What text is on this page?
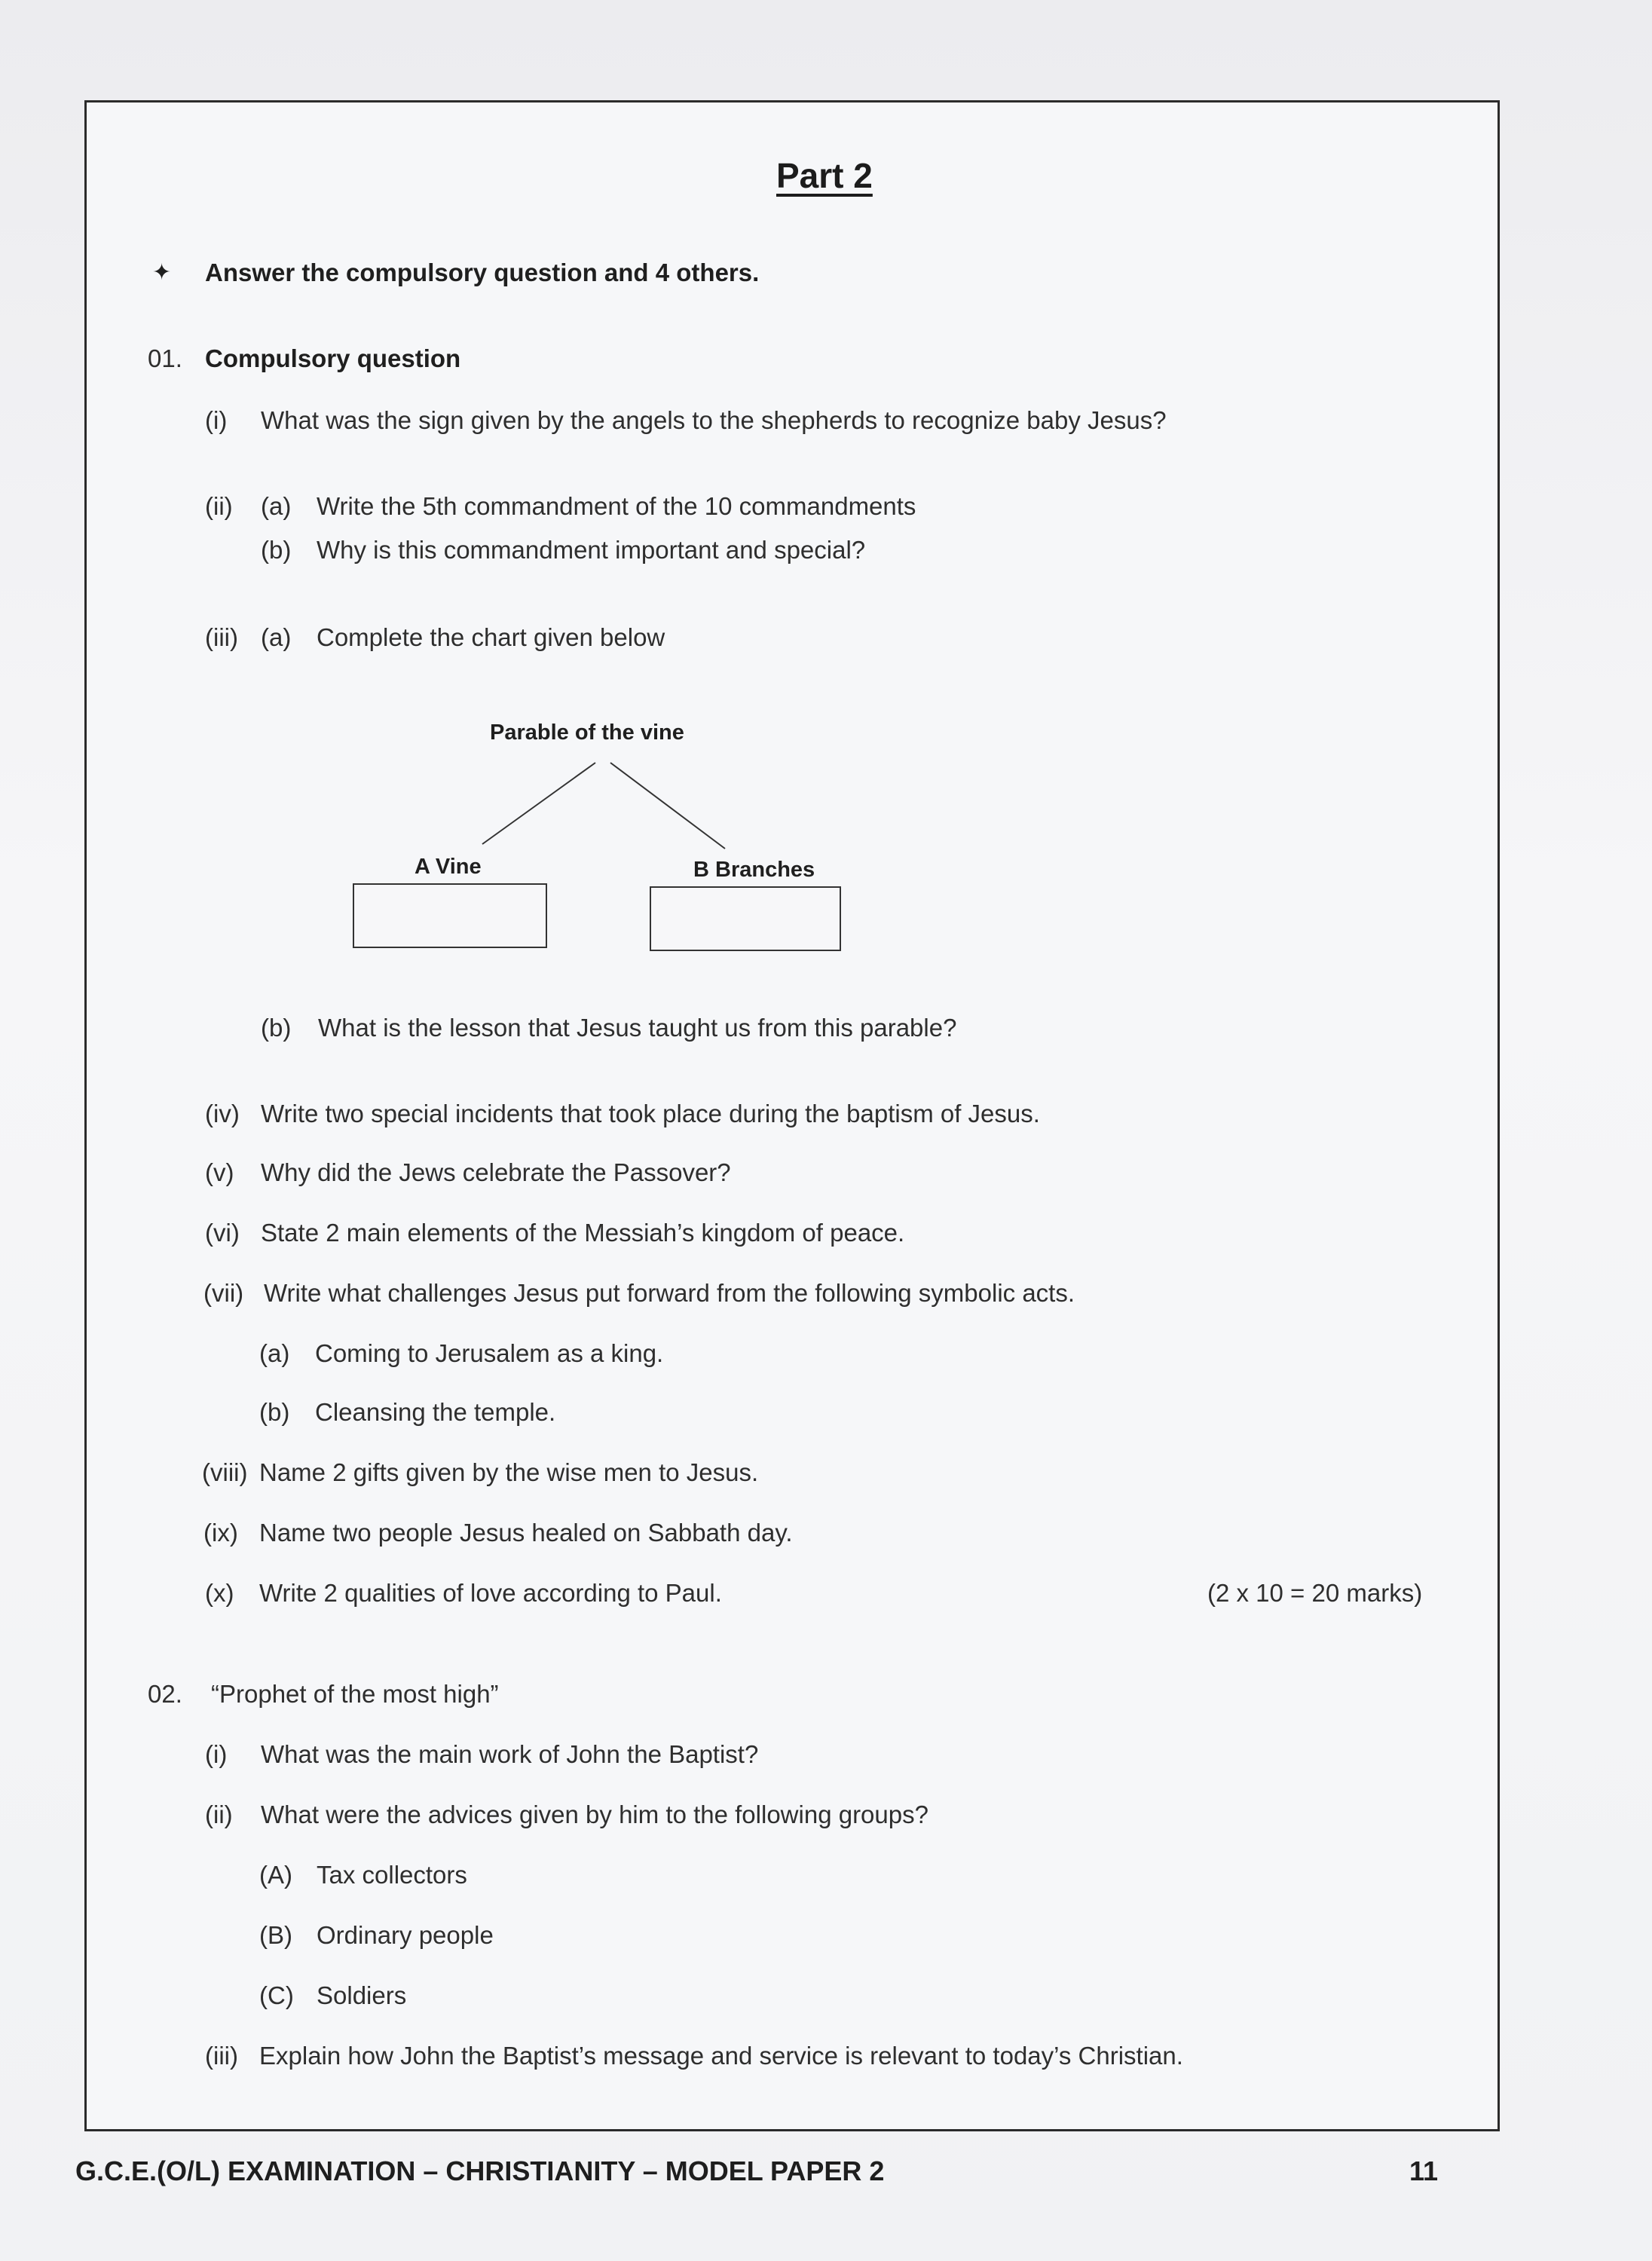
Part 2
✦ Answer the compulsory question and 4 others.
01. Compulsory question
(i) What was the sign given by the angels to the shepherds to recognize baby Jesus?
(ii) (a) Write the 5th commandment of the 10 commandments
(b) Why is this commandment important and special?
(iii) (a) Complete the chart given below
Parable of the vine
A Vine	B Branches
(b) What is the lesson that Jesus taught us from this parable?
(iv) Write two special incidents that took place during the baptism of Jesus.
(v) Why did the Jews celebrate the Passover?
(vi) State 2 main elements of the Messiah’s kingdom of peace.
(vii) Write what challenges Jesus put forward from the following symbolic acts.
(a) Coming to Jerusalem as a king.
(b) Cleansing the temple.
(viii) Name 2 gifts given by the wise men to Jesus.
(ix) Name two people Jesus healed on Sabbath day.
(x) Write 2 qualities of love according to Paul.	(2 x 10 = 20 marks)
02. “Prophet of the most high”
(i) What was the main work of John the Baptist?
(ii) What were the advices given by him to the following groups?
(A) Tax collectors
(B) Ordinary people
(C) Soldiers
(iii) Explain how John the Baptist’s message and service is relevant to today’s Christian.
G.C.E.(O/L) EXAMINATION – CHRISTIANITY – MODEL PAPER 2	11
